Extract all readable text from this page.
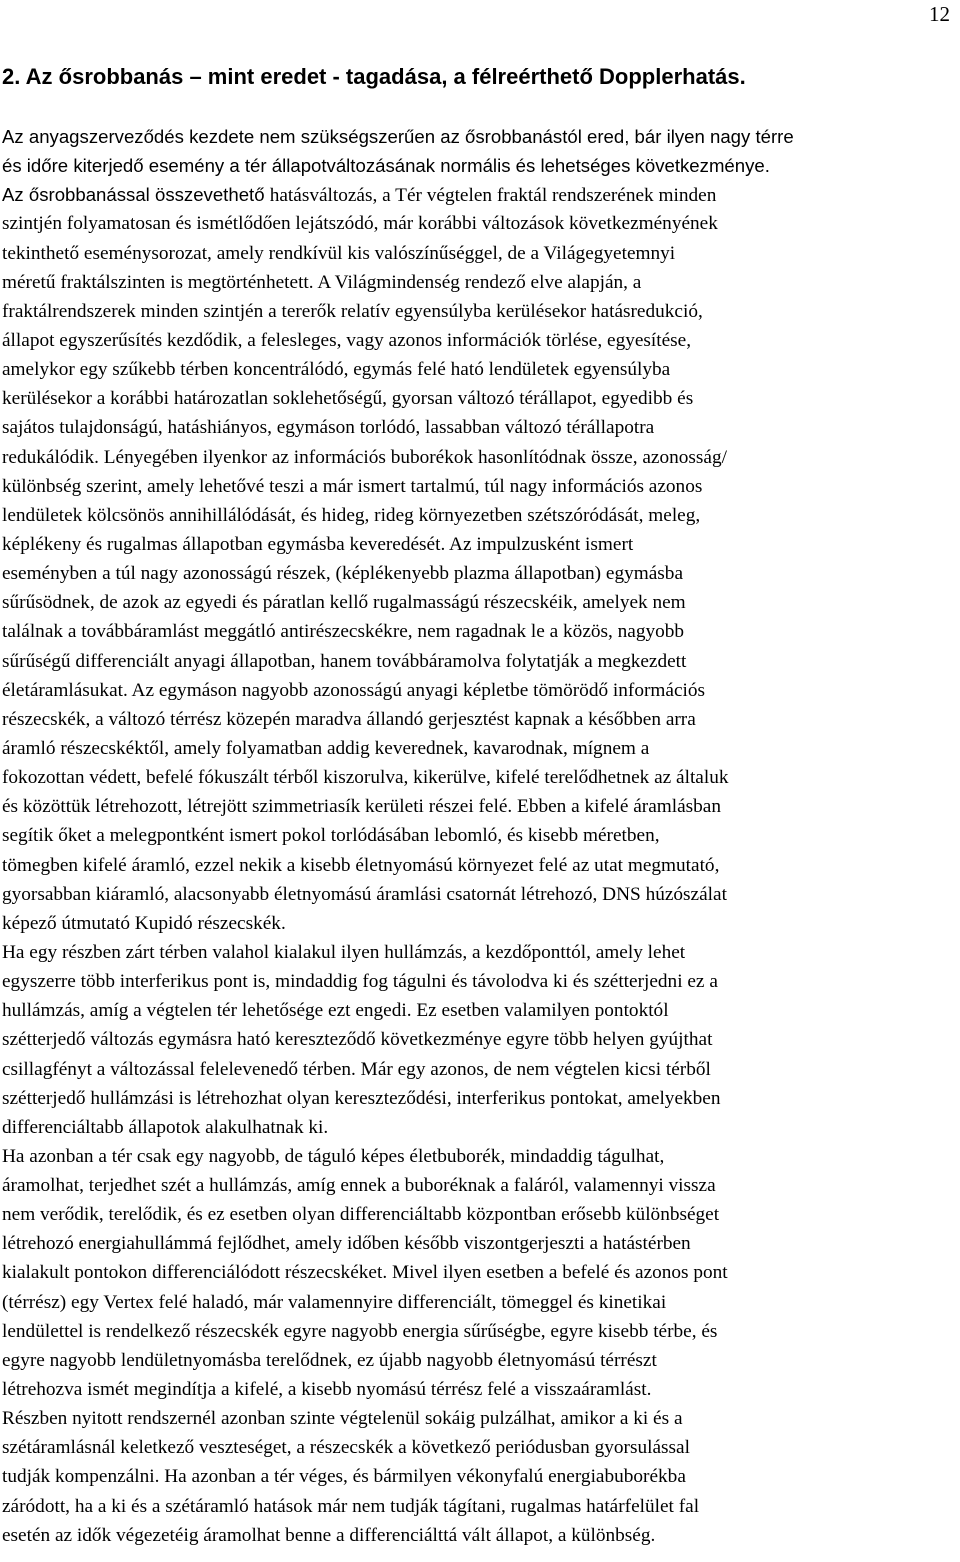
12
2. Az ősrobbanás – mint eredet - tagadása, a félreérthető Dopplerhatás.
Az anyagszerveződés kezdete nem szükségszerűen az ősrobbanástól ered, bár ilyen nagy térre
és időre kiterjedő esemény a tér állapotváltozásának normális és lehetséges következménye.
Az ősrobbanással összevethető hatásváltozás, a Tér végtelen fraktál rendszerének minden
szintjén folyamatosan és ismétlődően lejátszódó, már korábbi változások következményének
tekinthető eseménysorozat, amely rendkívül kis valószínűséggel, de a Világegyetemnyi
méretű fraktálszinten is megtörténhetett. A Világmindenség rendező elve alapján, a
fraktálrendszerek minden szintjén a tererők relatív egyensúlyba kerülésekor hatásredukció,
állapot egyszerűsítés kezdődik, a felesleges, vagy azonos információk törlése, egyesítése,
amelykor egy szűkebb térben koncentrálódó, egymás felé ható lendületek egyensúlyba
kerülésekor a korábbi határozatlan soklehetőségű, gyorsan változó térállapot, egyedibb és
sajátos tulajdonságú, hatáshiányos, egymáson torlódó, lassabban változó térállapotra
redukálódik. Lényegében ilyenkor az információs buborékok hasonlítódnak össze, azonosság/
különbség szerint, amely lehetővé teszi a már ismert tartalmú, túl nagy információs azonos
lendületek kölcsönös annihillálódását, és hideg, rideg környezetben szétszóródását, meleg,
képlékeny és rugalmas állapotban egymásba keveredését. Az impulzusként ismert
eseményben a túl nagy azonosságú részek, (képlékenyebb plazma állapotban) egymásba
sűrűsödnek, de azok az egyedi és páratlan kellő rugalmasságú részecskéik, amelyek nem
találnak a továbbáramlást meggátló antirészecskékre, nem ragadnak le a közös, nagyobb
sűrűségű differenciált anyagi állapotban, hanem továbbáramolva folytatják a megkezdett
életáramlásukat. Az egymáson nagyobb azonosságú anyagi képletbe tömörödő információs
részecskék, a változó térrész közepén maradva állandó gerjesztést kapnak a későbben arra
áramló részecskéktől, amely folyamatban addig keverednek, kavarodnak, mígnem a
fokozottan védett, befelé fókuszált térből kiszorulva, kikerülve, kifelé terelődhetnek az általuk
és közöttük létrehozott, létrejött szimmetriasík kerületi részei felé. Ebben a kifelé áramlásban
segítik őket a melegpontként ismert pokol torlódásában lebomló, és kisebb méretben,
tömegben kifelé áramló, ezzel nekik a kisebb életnyomású környezet felé az utat megmutató,
gyorsabban kiáramló, alacsonyabb életnyomású áramlási csatornát létrehozó, DNS húzószálat
képező útmutató Kupidó részecskék.
Ha egy részben zárt térben valahol kialakul ilyen hullámzás, a kezdőponttól, amely lehet
egyszerre több interferikus pont is, mindaddig fog tágulni és távolodva ki és szétterjedni ez a
hullámzás, amíg a végtelen tér lehetősége ezt engedi. Ez esetben valamilyen pontoktól
szétterjedő változás egymásra ható kereszteződő következménye egyre több helyen gyújthat
csillagfényt a változással felelevenedő térben. Már egy azonos, de nem végtelen kicsi térből
szétterjedő hullámzási is létrehozhat olyan kereszteződési, interferikus pontokat, amelyekben
differenciáltabb állapotok alakulhatnak ki.
Ha azonban a tér csak egy nagyobb, de táguló képes életbuborék, mindaddig tágulhat,
áramolhat, terjedhet szét a hullámzás, amíg ennek a buboréknak a faláról, valamennyi vissza
nem verődik, terelődik, és ez esetben olyan differenciáltabb központban erősebb különbséget
létrehozó energiahullámmá fejlődhet, amely időben később viszontgerjeszti a hatástérben
kialakult pontokon differenciálódott részecskéket. Mivel ilyen esetben a befelé és azonos pont
(térrész) egy Vertex felé haladó, már valamennyire differenciált, tömeggel és kinetikai
lendülettel is rendelkező részecskék egyre nagyobb energia sűrűségbe, egyre kisebb térbe, és
egyre nagyobb lendületnyomásba terelődnek, ez újabb nagyobb életnyomású térrészt
létrehozva ismét megindítja a kifelé, a kisebb nyomású térrész felé a visszaáramlást.
Részben nyitott rendszernél azonban szinte végtelenül sokáig pulzálhat, amikor a ki és a
szétáramlásnál keletkező veszteséget, a részecskék a következő periódusban gyorsulással
tudják kompenzálni. Ha azonban a tér véges, és bármilyen vékonyfalú energiabuborékba
záródott, ha a ki és a szétáramló hatások már nem tudják tágítani, rugalmas határfelület fal
esetén az idők végezetéig áramolhat benne a differenciálttá vált állapot, a különbség.
